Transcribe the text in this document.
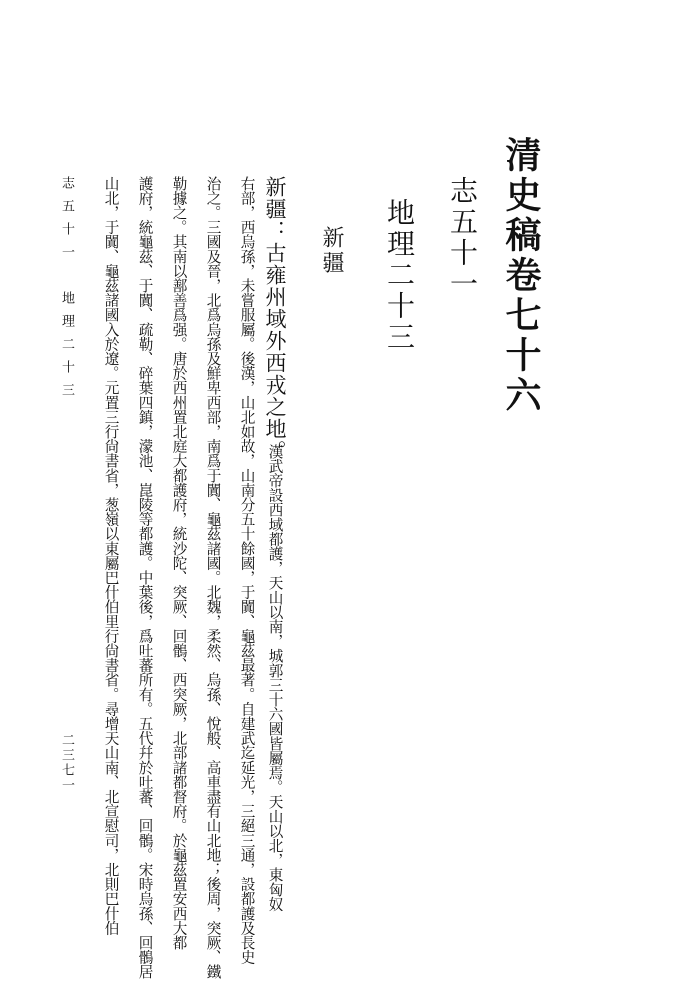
清史稿卷七十六
志五十一
地理二十三
新疆
新疆：古雍州域外西戎之地。
漢武帝設西域都護，天山以南，城郭三十六國皆屬焉。天山以北，東匈奴
右部，西烏孫，未嘗服屬。後漢，山北如故，山南分五十餘國，于闐、龜茲最著。自建武迄延光，三絕三通，設都護及長史
治之。三國及晉，北爲烏孫及鮮卑西部，南爲于闐、龜茲諸國。北魏，柔然、烏孫、悅般、高車盡有山北地；後周，突厥、鐵
勒據之。其南以鄯善爲强。唐於西州置北庭大都護府，統沙陀、突厥、回鶻、西突厥，北部諸都督府。於龜茲置安西大都
護府，統龜茲、于闐、疏勒、碎葉四鎮，濛池、崑陵等都護。中葉後，爲吐蕃所有。五代幷於吐蕃、回鶻。宋時烏孫、回鶻居
山北，于闐、龜茲諸國入於遼。元置三行尙書省，葱嶺以東屬巴什伯里行尙書省。尋增天山南、北宣慰司，北則巴什伯
志五十一　地理二十三
二三七一
